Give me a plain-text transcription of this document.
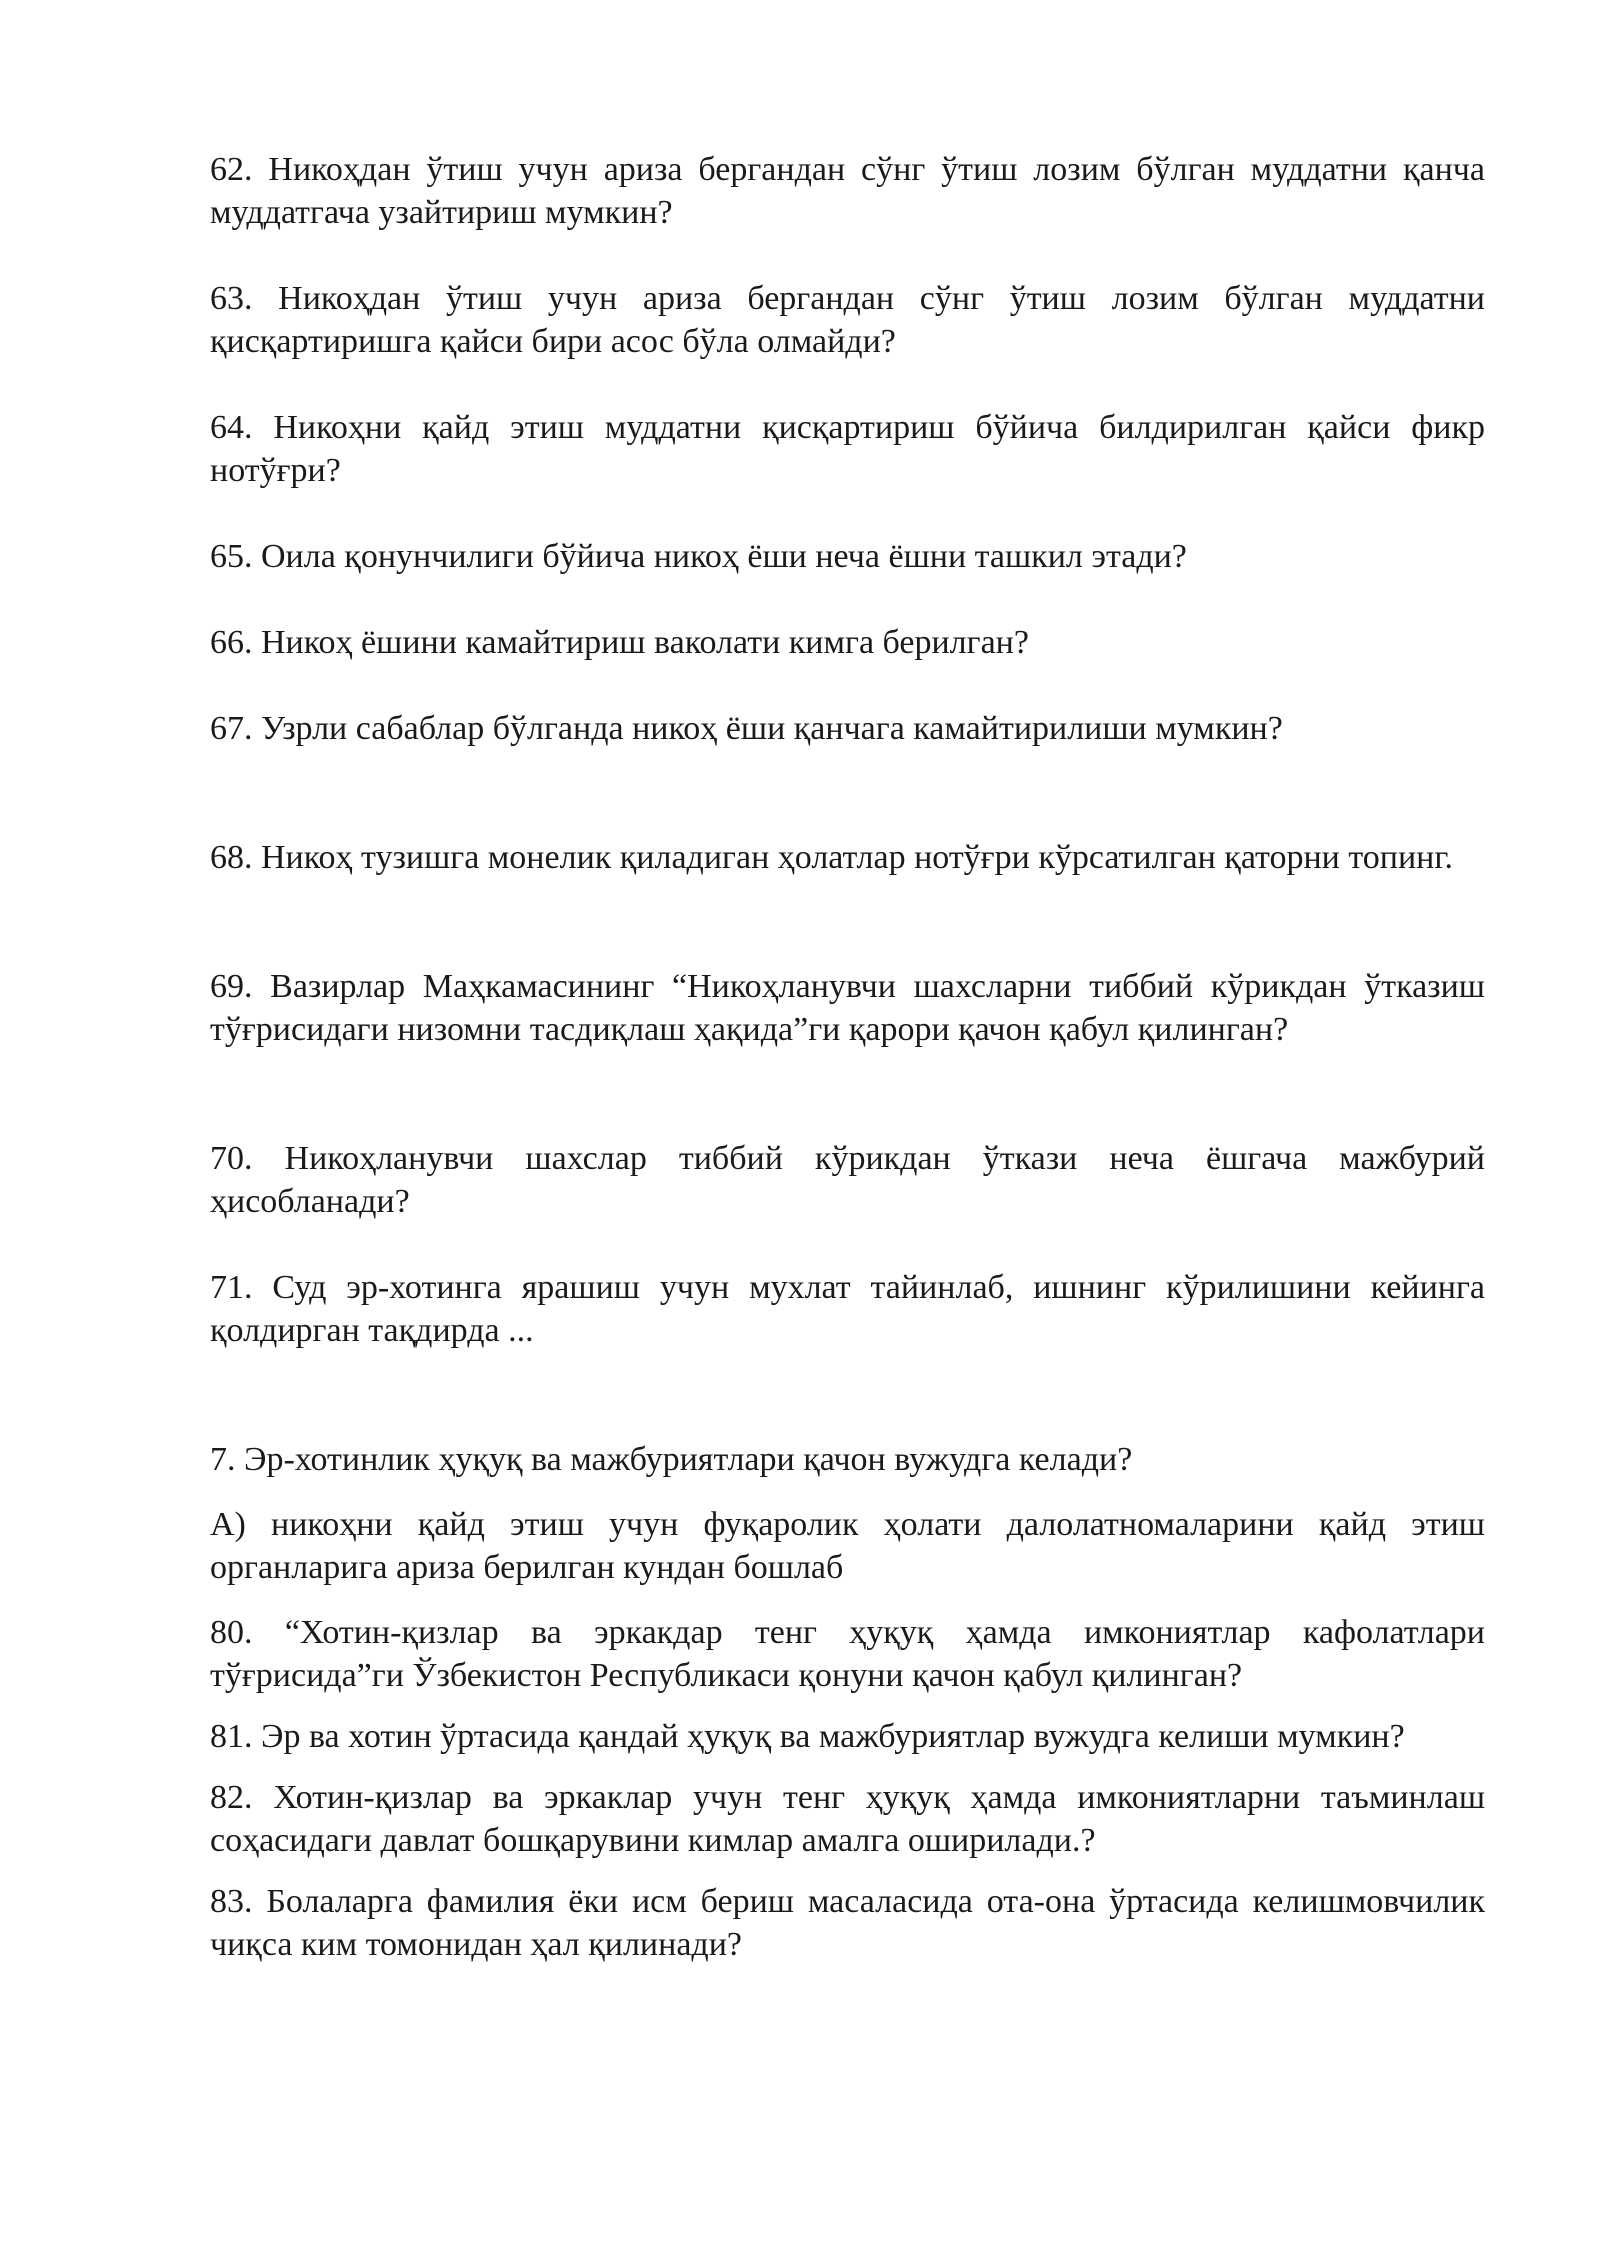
62. Никоҳдан ўтиш учун ариза бергандан сўнг ўтиш лозим бўлган муддатни қанча муддатгача узайтириш мумкин?

63. Никоҳдан ўтиш учун ариза бергандан сўнг ўтиш лозим бўлган муддатни қисқартиришга қайси бири асос бўла олмайди?

64. Никоҳни қайд этиш муддатни қисқартириш бўйича билдирилган қайси фикр нотўғри?

65. Оила қонунчилиги бўйича никоҳ ёши неча ёшни ташкил этади?

66. Никоҳ ёшини камайтириш ваколати кимга берилган?

67. Узрли сабаблар бўлганда никоҳ ёши қанчага камайтирилиши мумкин?

68. Никоҳ тузишга монелик қиладиган ҳолатлар нотўғри кўрсатилган қаторни топинг.

69. Вазирлар Маҳкамасининг “Никоҳланувчи шахсларни тиббий кўрикдан ўтказиш тўғрисидаги низомни тасдиқлаш ҳақида”ги қарори қачон қабул қилинган?

70. Никоҳланувчи шахслар тиббий кўрикдан ўткази неча ёшгача мажбурий ҳисобланади?

71. Суд эр-хотинга ярашиш учун мухлат тайинлаб, ишнинг кўрилишини кейинга қолдирган тақдирда ...

7. Эр-хотинлик ҳуқуқ ва мажбуриятлари қачон вужудга келади?

A) никоҳни қайд этиш учун фуқаролик ҳолати далолатномаларини қайд этиш органларига ариза берилган кундан бошлаб

80. “Хотин-қизлар ва эркакдар тенг ҳуқуқ ҳамда имкониятлар кафолатлари тўғрисида”ги Ўзбекистон Республикаси қонуни қачон қабул қилинган?

81. Эр ва хотин ўртасида қандай ҳуқуқ ва мажбуриятлар вужудга келиши мумкин?

82. Хотин-қизлар ва эркаклар учун тенг ҳуқуқ ҳамда имкониятларни таъминлаш соҳасидаги давлат бошқарувини кимлар амалга оширилади.?

83. Болаларга фамилия ёки исм бериш масаласида ота-она ўртасида келишмовчилик чиқса ким томонидан ҳал қилинади?
